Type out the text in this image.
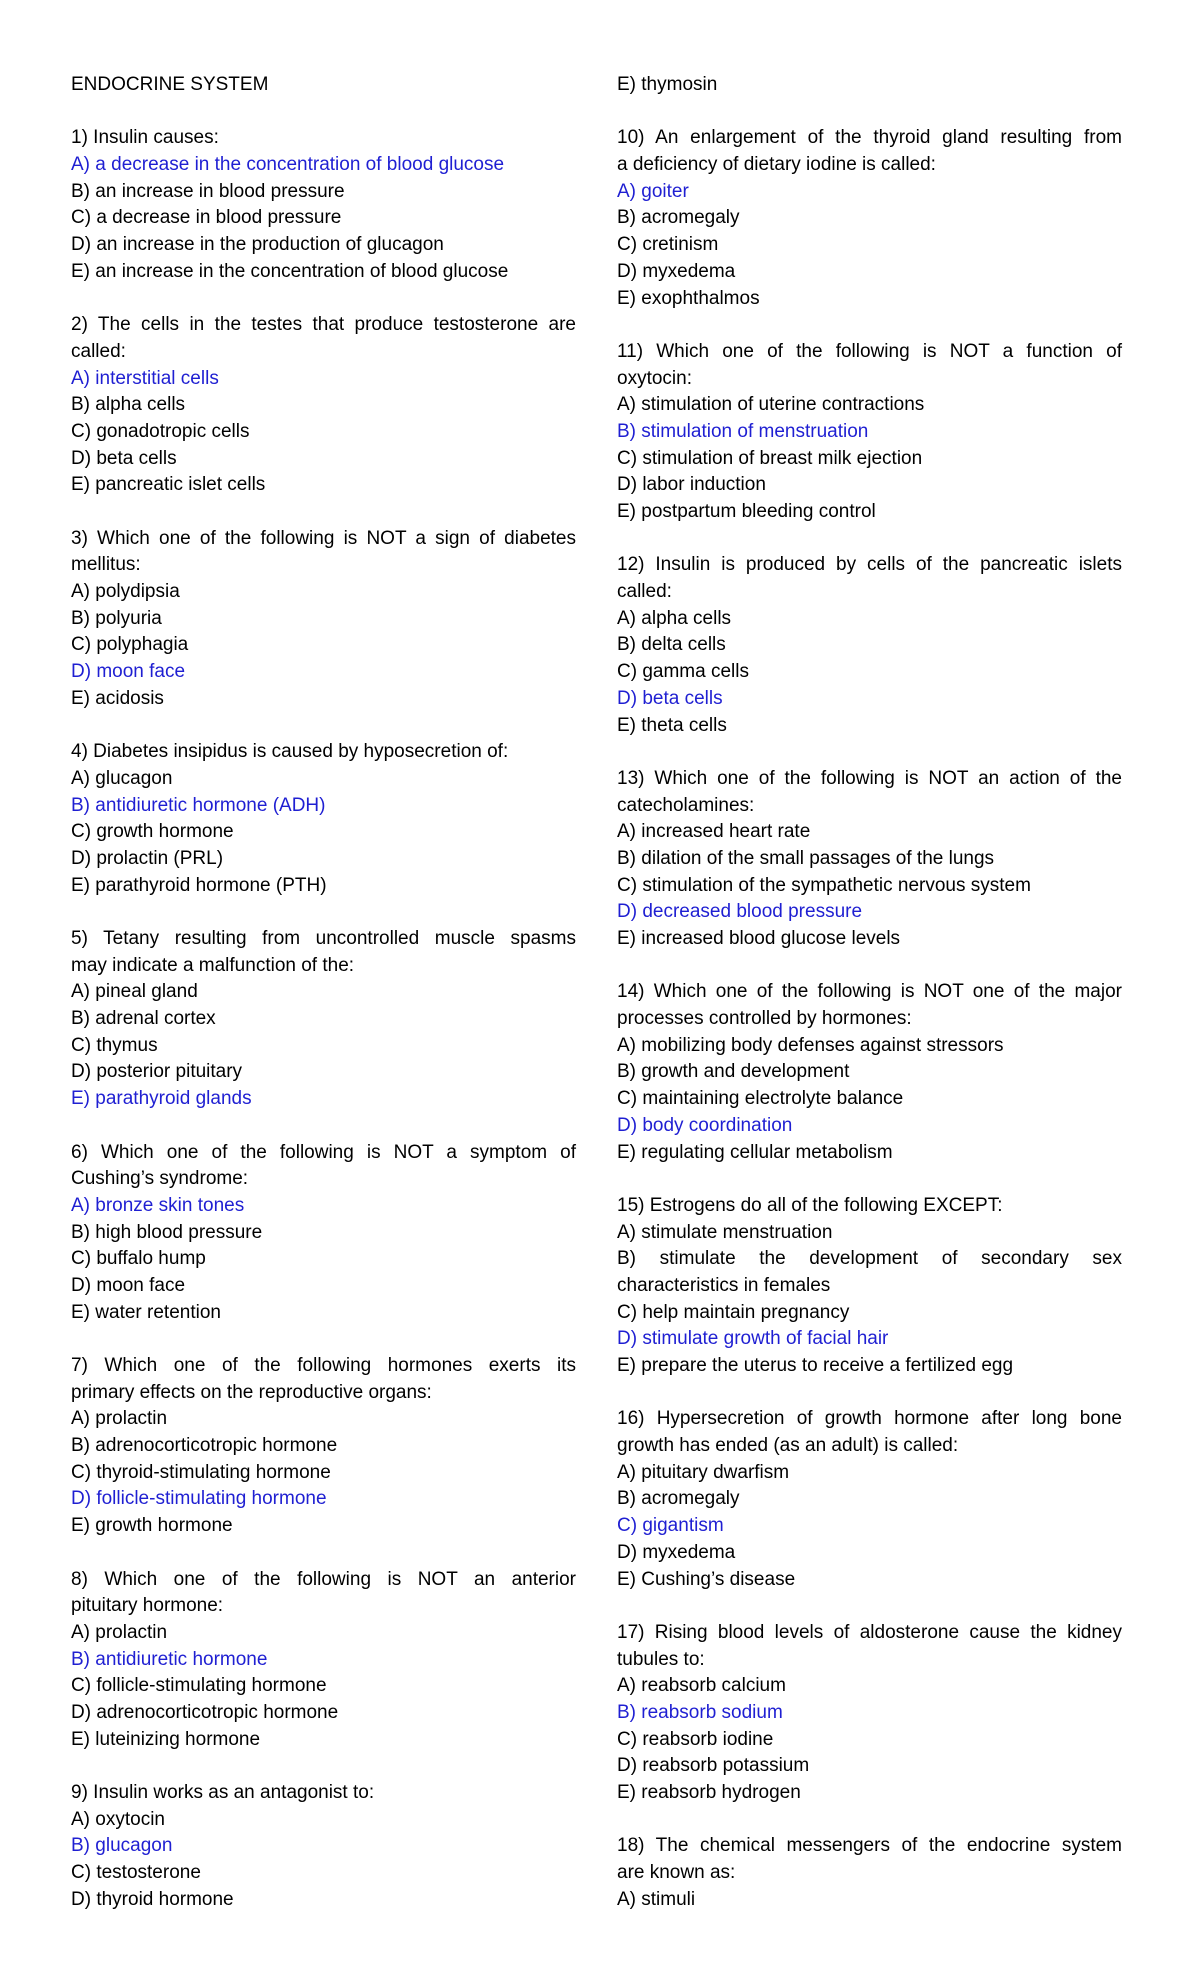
ENDOCRINE SYSTEM
1) Insulin causes:
A) a decrease in the concentration of blood glucose
B) an increase in blood pressure
C) a decrease in blood pressure
D) an increase in the production of glucagon
E) an increase in the concentration of blood glucose
2) The cells in the testes that produce testosterone are
called:
A) interstitial cells
B) alpha cells
C) gonadotropic cells
D) beta cells
E) pancreatic islet cells
3) Which one of the following is NOT a sign of diabetes
mellitus:
A) polydipsia
B) polyuria
C) polyphagia
D) moon face
E) acidosis
4) Diabetes insipidus is caused by hyposecretion of:
A) glucagon
B) antidiuretic hormone (ADH)
C) growth hormone
D) prolactin (PRL)
E) parathyroid hormone (PTH)
5) Tetany resulting from uncontrolled muscle spasms
may indicate a malfunction of the:
A) pineal gland
B) adrenal cortex
C) thymus
D) posterior pituitary
E) parathyroid glands
6) Which one of the following is NOT a symptom of
Cushing’s syndrome:
A) bronze skin tones
B) high blood pressure
C) buffalo hump
D) moon face
E) water retention
7) Which one of the following hormones exerts its
primary effects on the reproductive organs:
A) prolactin
B) adrenocorticotropic hormone
C) thyroid-stimulating hormone
D) follicle-stimulating hormone
E) growth hormone
8) Which one of the following is NOT an anterior
pituitary hormone:
A) prolactin
B) antidiuretic hormone
C) follicle-stimulating hormone
D) adrenocorticotropic hormone
E) luteinizing hormone
9) Insulin works as an antagonist to:
A) oxytocin
B) glucagon
C) testosterone
D) thyroid hormone
E) thymosin
10) An enlargement of the thyroid gland resulting from
a deficiency of dietary iodine is called:
A) goiter
B) acromegaly
C) cretinism
D) myxedema
E) exophthalmos
11) Which one of the following is NOT a function of
oxytocin:
A) stimulation of uterine contractions
B) stimulation of menstruation
C) stimulation of breast milk ejection
D) labor induction
E) postpartum bleeding control
12) Insulin is produced by cells of the pancreatic islets
called:
A) alpha cells
B) delta cells
C) gamma cells
D) beta cells
E) theta cells
13) Which one of the following is NOT an action of the
catecholamines:
A) increased heart rate
B) dilation of the small passages of the lungs
C) stimulation of the sympathetic nervous system
D) decreased blood pressure
E) increased blood glucose levels
14) Which one of the following is NOT one of the major
processes controlled by hormones:
A) mobilizing body defenses against stressors
B) growth and development
C) maintaining electrolyte balance
D) body coordination
E) regulating cellular metabolism
15) Estrogens do all of the following EXCEPT:
A) stimulate menstruation
B) stimulate the development of secondary sex characteristics in females
C) help maintain pregnancy
D) stimulate growth of facial hair
E) prepare the uterus to receive a fertilized egg
16) Hypersecretion of growth hormone after long bone
growth has ended (as an adult) is called:
A) pituitary dwarfism
B) acromegaly
C) gigantism
D) myxedema
E) Cushing’s disease
17) Rising blood levels of aldosterone cause the kidney
tubules to:
A) reabsorb calcium
B) reabsorb sodium
C) reabsorb iodine
D) reabsorb potassium
E) reabsorb hydrogen
18) The chemical messengers of the endocrine system
are known as:
A) stimuli
